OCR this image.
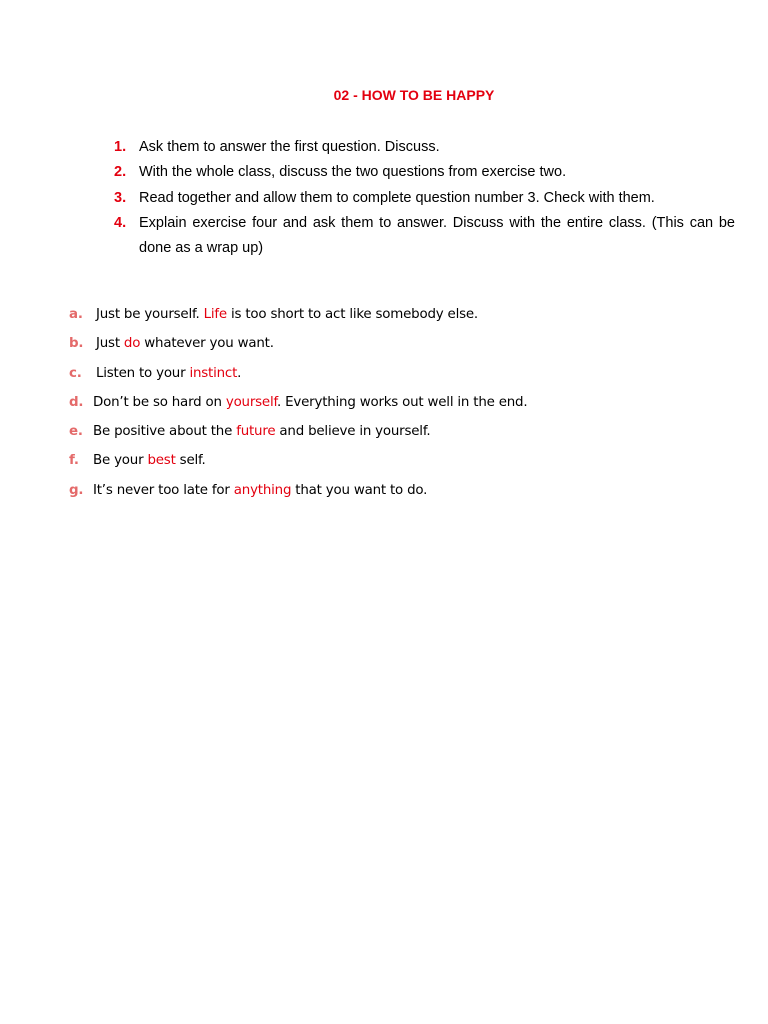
02 - HOW TO BE HAPPY
1. Ask them to answer the first question. Discuss.
2. With the whole class, discuss the two questions from exercise two.
3. Read together and allow them to complete question number 3. Check with them.
4. Explain exercise four and ask them to answer. Discuss with the entire class. (This can be done as a wrap up)
a. Just be yourself. Life is too short to act like somebody else.
b. Just do whatever you want.
c. Listen to your instinct.
d. Don’t be so hard on yourself. Everything works out well in the end.
e. Be positive about the future and believe in yourself.
f. Be your best self.
g. It’s never too late for anything that you want to do.
